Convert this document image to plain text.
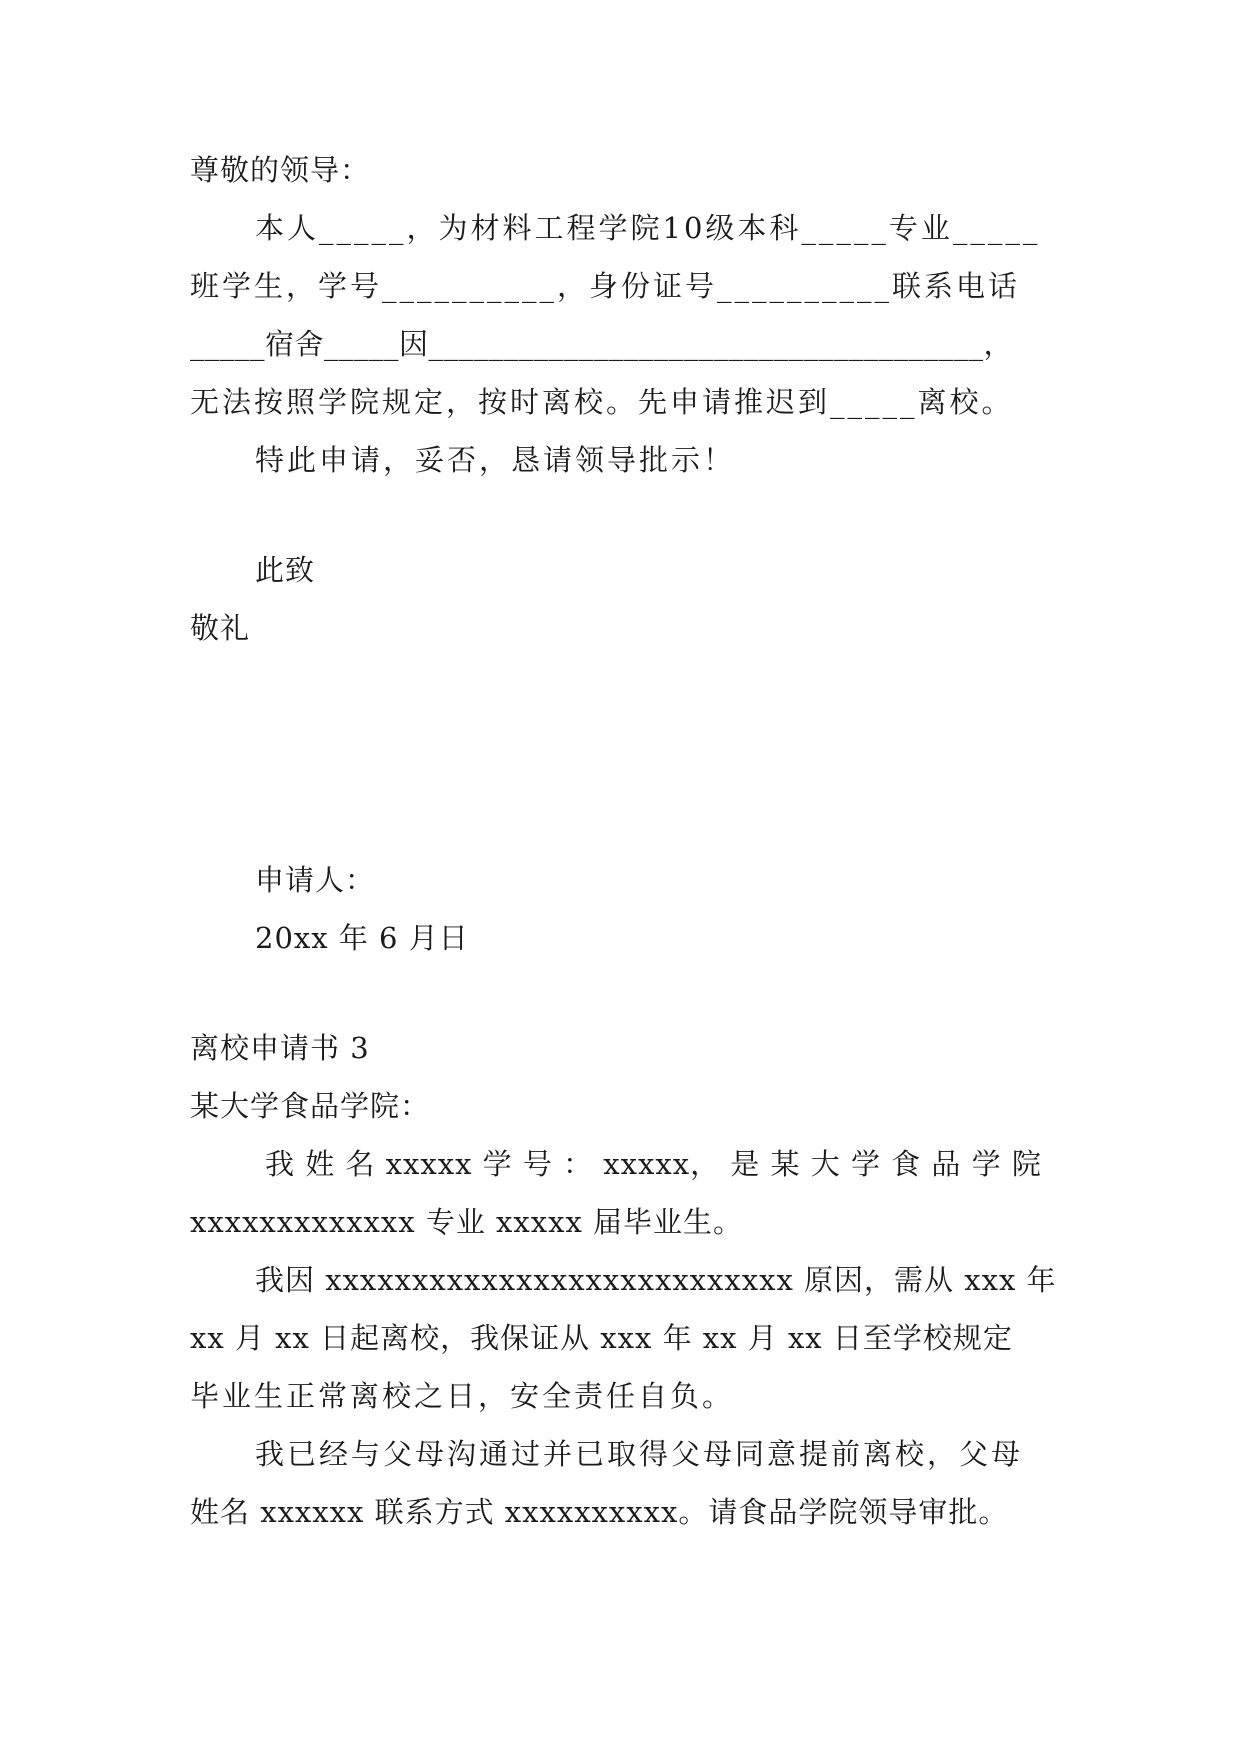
尊敬的领导：
本人_____，为材料工程学院10级本科_____专业_____
班学生，学号__________，身份证号__________联系电话
_____宿舍_____因_____________________________________，
无法按照学院规定，按时离校。先申请推迟到_____离校。
特此申请，妥否，恳请领导批示！
此致
敬礼
申请人：
20xx 年 6 月日
离校申请书 3
某大学食品学院：
我 姓 名 xxxxx 学 号 ： xxxxx， 是 某 大 学 食 品 学 院
xxxxxxxxxxxxx 专业 xxxxx 届毕业生。
我因 xxxxxxxxxxxxxxxxxxxxxxxxxxx 原因，需从 xxx 年
xx 月 xx 日起离校，我保证从 xxx 年 xx 月 xx 日至学校规定
毕业生正常离校之日，安全责任自负。
我已经与父母沟通过并已取得父母同意提前离校，父母
姓名 xxxxxx 联系方式 xxxxxxxxxx。请食品学院领导审批。
